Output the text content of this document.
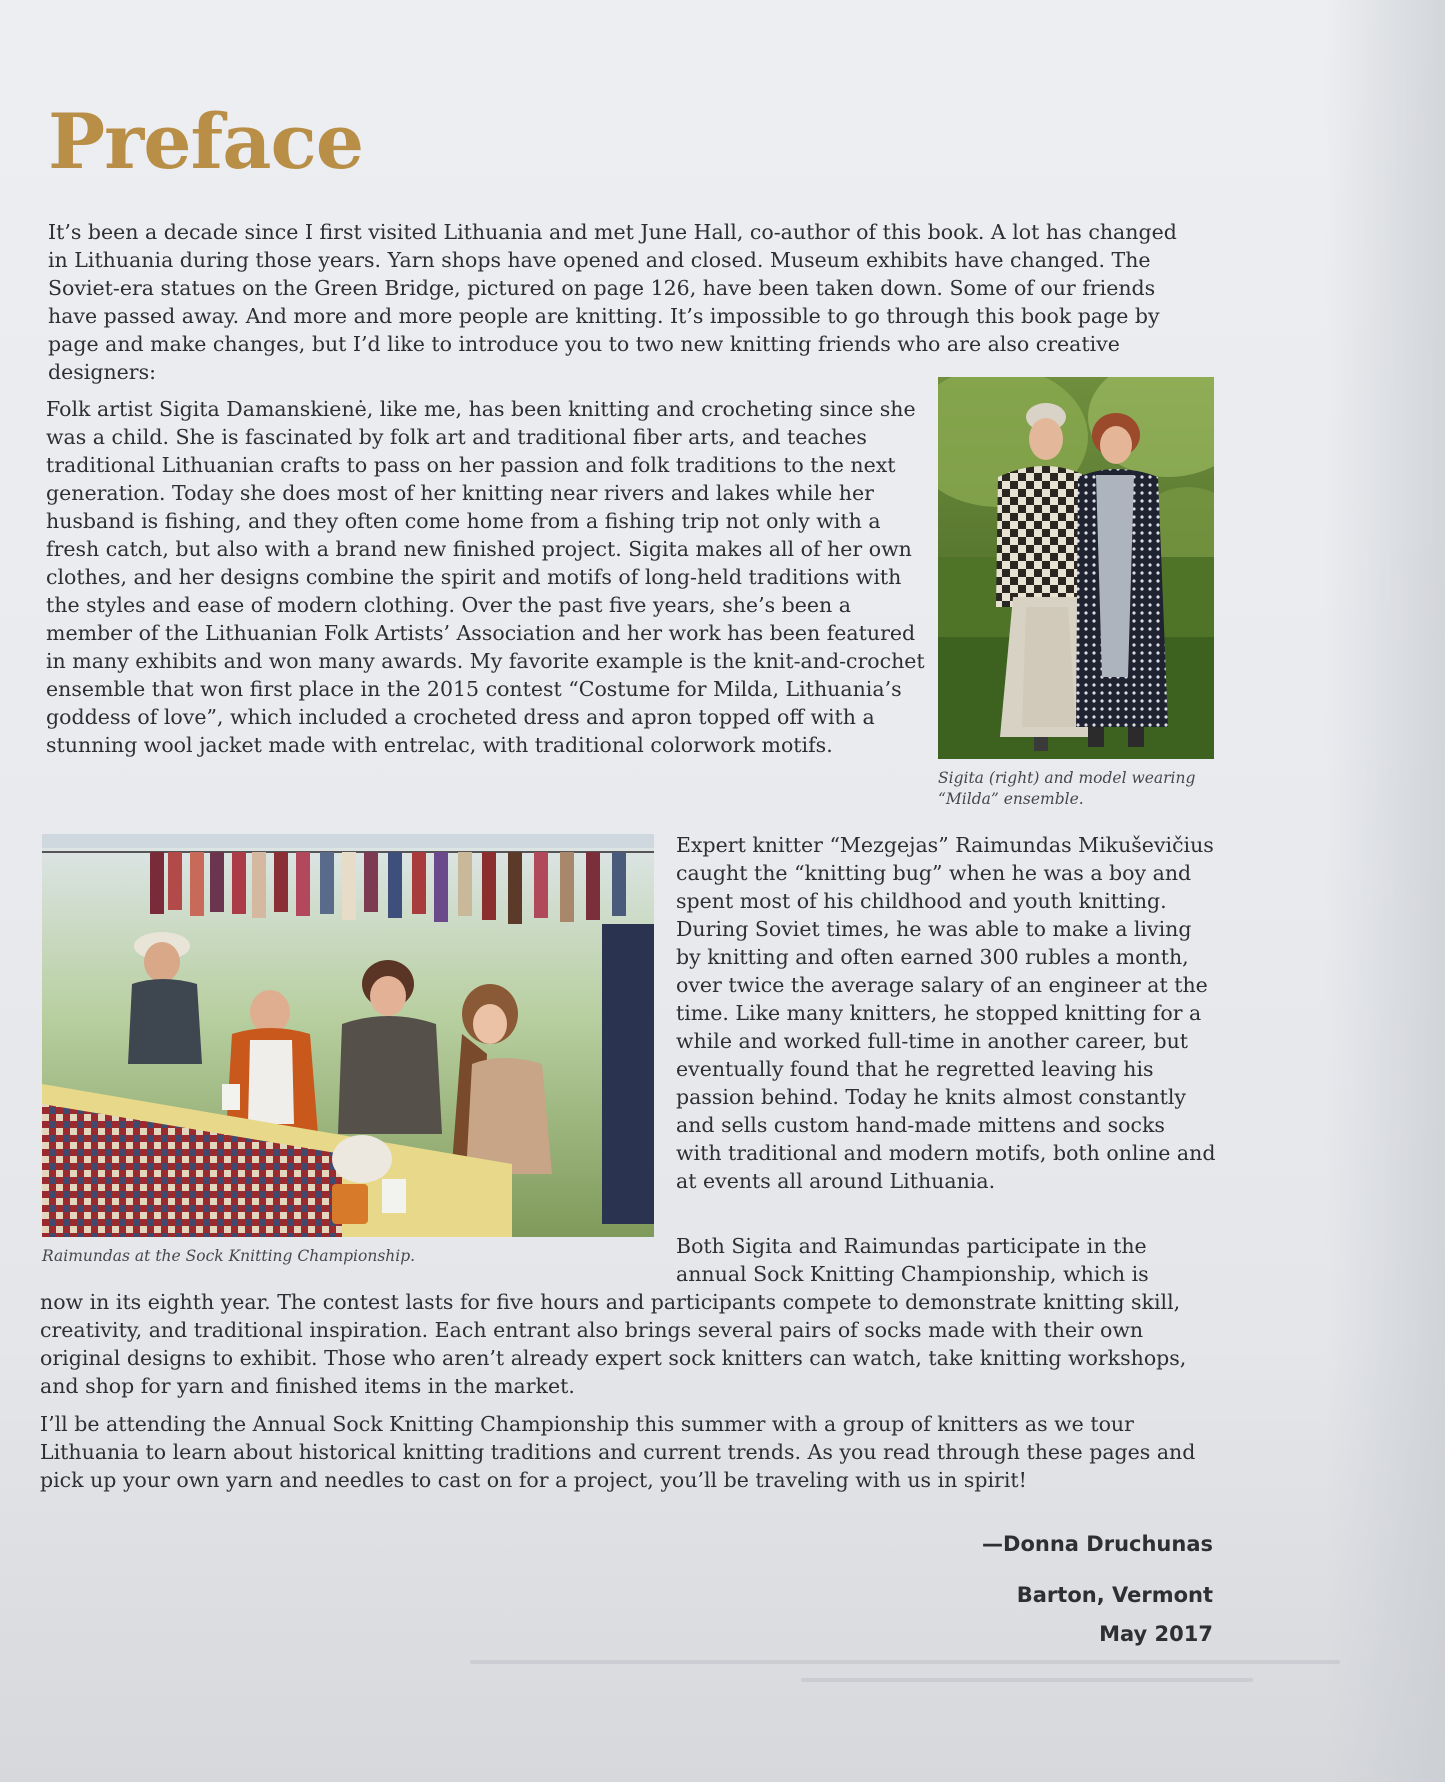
Preface

It’s been a decade since I first visited Lithuania and met June Hall, co-author of this book. A lot has changed in Lithuania during those years. Yarn shops have opened and closed. Museum exhibits have changed. The Soviet-era statues on the Green Bridge, pictured on page 126, have been taken down. Some of our friends have passed away. And more and more people are knitting. It’s impossible to go through this book page by page and make changes, but I’d like to introduce you to two new knitting friends who are also creative designers:

Folk artist Sigita Damanskienė, like me, has been knitting and crocheting since she was a child. She is fascinated by folk art and traditional fiber arts, and teaches traditional Lithuanian crafts to pass on her passion and folk traditions to the next generation. Today she does most of her knitting near rivers and lakes while her husband is fishing, and they often come home from a fishing trip not only with a fresh catch, but also with a brand new finished project. Sigita makes all of her own clothes, and her designs combine the spirit and motifs of long-held traditions with the styles and ease of modern clothing. Over the past five years, she’s been a member of the Lithuanian Folk Artists’ Association and her work has been featured in many exhibits and won many awards. My favorite example is the knit-and-crochet ensemble that won first place in the 2015 contest “Costume for Milda, Lithuania’s goddess of love”, which included a crocheted dress and apron topped off with a stunning wool jacket made with entrelac, with traditional colorwork motifs.

Sigita (right) and model wearing “Milda” ensemble.

Raimundas at the Sock Knitting Championship.

Expert knitter “Mezgejas” Raimundas Mikuševičius caught the “knitting bug” when he was a boy and spent most of his childhood and youth knitting. During Soviet times, he was able to make a living by knitting and often earned 300 rubles a month, over twice the average salary of an engineer at the time. Like many knitters, he stopped knitting for a while and worked full-time in another career, but eventually found that he regretted leaving his passion behind. Today he knits almost constantly and sells custom hand-made mittens and socks with traditional and modern motifs, both online and at events all around Lithuania.

Both Sigita and Raimundas participate in the annual Sock Knitting Championship, which is

now in its eighth year. The contest lasts for five hours and participants compete to demonstrate knitting skill, creativity, and traditional inspiration. Each entrant also brings several pairs of socks made with their own original designs to exhibit. Those who aren’t already expert sock knitters can watch, take knitting workshops, and shop for yarn and finished items in the market.

I’ll be attending the Annual Sock Knitting Championship this summer with a group of knitters as we tour Lithuania to learn about historical knitting traditions and current trends. As you read through these pages and pick up your own yarn and needles to cast on for a project, you’ll be traveling with us in spirit!

—Donna Druchunas

Barton, Vermont

May 2017
